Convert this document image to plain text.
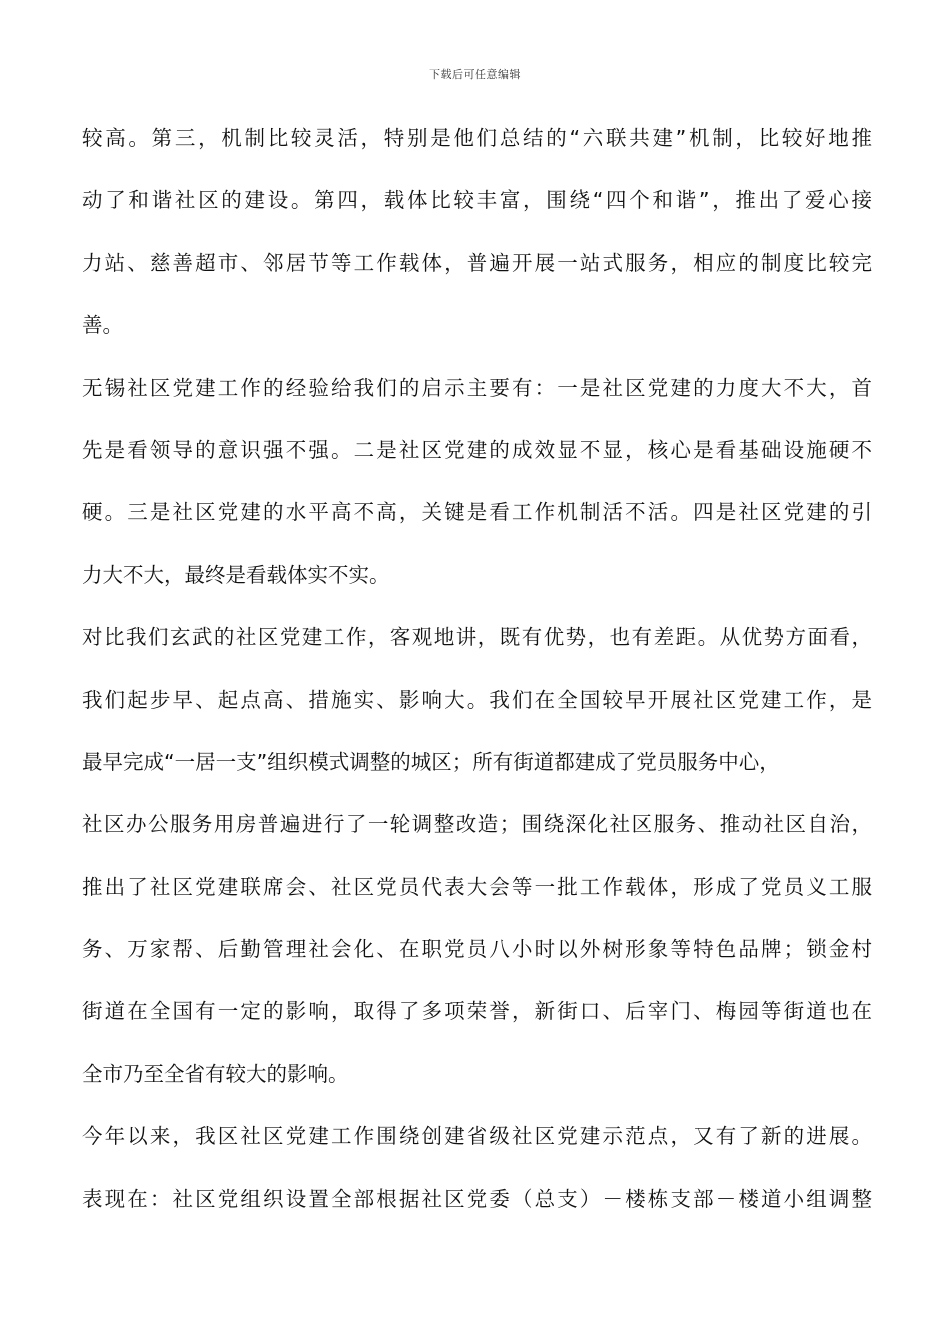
下载后可任意编辑
较高。第三，机制比较灵活，特别是他们总结的“六联共建”机制，比较好地推
动了和谐社区的建设。第四，载体比较丰富，围绕“四个和谐”，推出了爱心接
力站、慈善超市、邻居节等工作载体，普遍开展一站式服务，相应的制度比较完
善。
无锡社区党建工作的经验给我们的启示主要有：一是社区党建的力度大不大，首
先是看领导的意识强不强。二是社区党建的成效显不显，核心是看基础设施硬不
硬。三是社区党建的水平高不高，关键是看工作机制活不活。四是社区党建的引
力大不大，最终是看载体实不实。
对比我们玄武的社区党建工作，客观地讲，既有优势，也有差距。从优势方面看，
我们起步早、起点高、措施实、影响大。我们在全国较早开展社区党建工作，是
最早完成“一居一支”组织模式调整的城区；所有街道都建成了党员服务中心，
社区办公服务用房普遍进行了一轮调整改造；围绕深化社区服务、推动社区自治，
推出了社区党建联席会、社区党员代表大会等一批工作载体，形成了党员义工服
务、万家帮、后勤管理社会化、在职党员八小时以外树形象等特色品牌；锁金村
街道在全国有一定的影响，取得了多项荣誉，新街口、后宰门、梅园等街道也在
全市乃至全省有较大的影响。
今年以来，我区社区党建工作围绕创建省级社区党建示范点，又有了新的进展。
表现在：社区党组织设置全部根据社区党委（总支）－楼栋支部－楼道小组调整
